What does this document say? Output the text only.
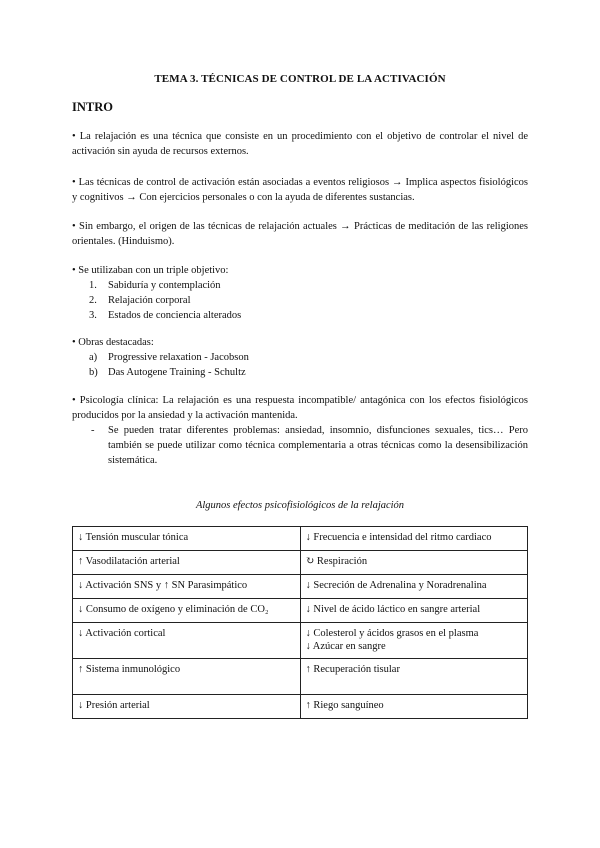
TEMA 3. TÉCNICAS DE CONTROL DE LA ACTIVACIÓN
INTRO
• La relajación es una técnica que consiste en un procedimiento con el objetivo de controlar el nivel de activación sin ayuda de recursos externos.
• Las técnicas de control de activación están asociadas a eventos religiosos → Implica aspectos fisiológicos y cognitivos → Con ejercicios personales o con la ayuda de diferentes sustancias.
• Sin embargo, el origen de las técnicas de relajación actuales → Prácticas de meditación de las religiones orientales. (Hinduismo).
• Se utilizaban con un triple objetivo:
1. Sabiduría y contemplación
2. Relajación corporal
3. Estados de conciencia alterados
• Obras destacadas:
a) Progressive relaxation - Jacobson
b) Das Autogene Training - Schultz
• Psicología clínica: La relajación es una respuesta incompatible/ antagónica con los efectos fisiológicos producidos por la ansiedad y la activación mantenida.
- Se pueden tratar diferentes problemas: ansiedad, insomnio, disfunciones sexuales, tics… Pero también se puede utilizar como técnica complementaria a otras técnicas como la desensibilización sistemática.
Algunos efectos psicofisiológicos de la relajación
↓ Tensión muscular tónica	↓ Frecuencia e intensidad del ritmo cardiaco
↑ Vasodilatación arterial	↻ Respiración
↓ Activación SNS y ↑ SN Parasimpático	↓ Secreción de Adrenalina y Noradrenalina
↓ Consumo de oxígeno y eliminación de CO₂	↓ Nivel de ácido láctico en sangre arterial
↓ Activación cortical	↓ Colesterol y ácidos grasos en el plasma
↓ Azúcar en sangre

↑ Sistema inmunológico	↑ Recuperación tisular
↓ Presión arterial	↑ Riego sanguíneo
